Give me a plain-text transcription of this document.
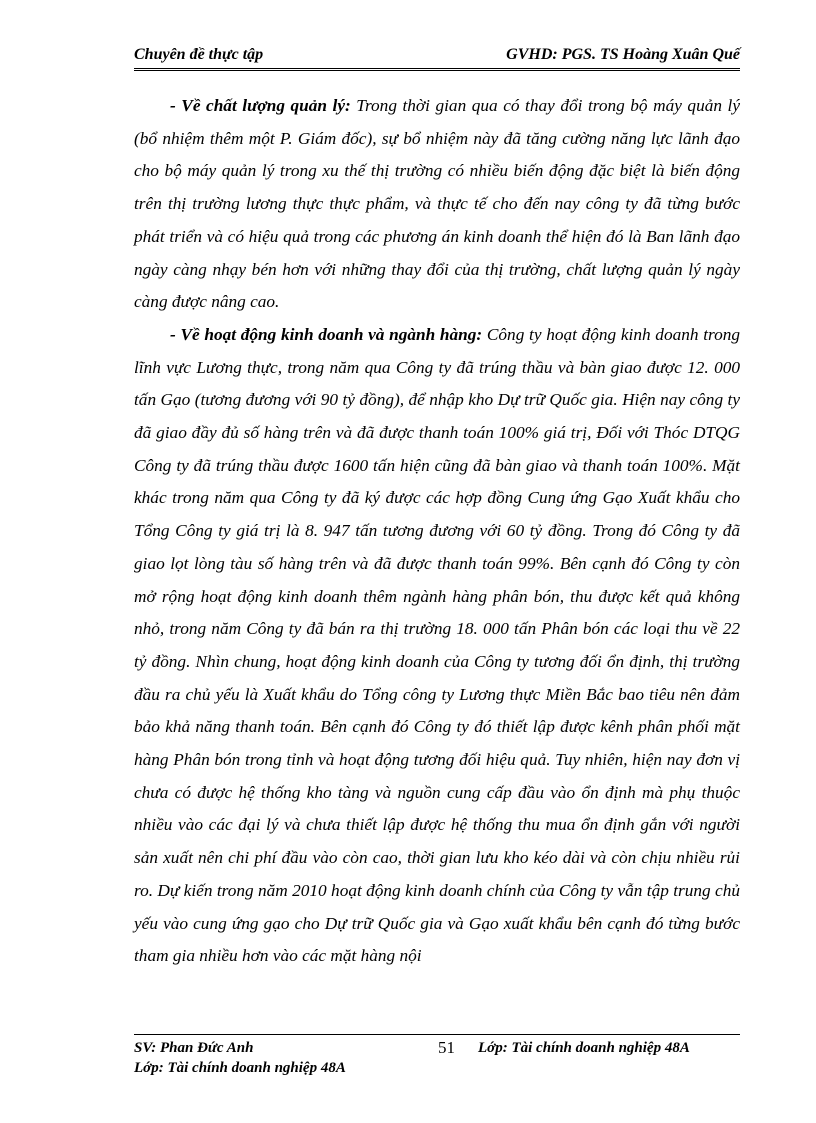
Chuyên đề thực tập	GVHD: PGS. TS Hoàng Xuân Quế

- Về chất lượng quản lý: Trong thời gian qua có thay đổi trong bộ máy quản lý (bổ nhiệm thêm một P. Giám đốc), sự bổ nhiệm này đã tăng cường năng lực lãnh đạo cho bộ máy quản lý trong xu thế thị trường có nhiều biến động đặc biệt là biến động trên thị trường lương thực thực phẩm, và thực tế cho đến nay công ty đã từng bước phát triển và có hiệu quả trong các phương án kinh doanh thể hiện đó là Ban lãnh đạo ngày càng nhạy bén hơn với những thay đổi của thị trường, chất lượng quản lý ngày càng được nâng cao.

- Về hoạt động kinh doanh và ngành hàng: Công ty hoạt động kinh doanh trong lĩnh vực Lương thực, trong năm qua Công ty đã trúng thầu và bàn giao được 12. 000 tấn Gạo (tương đương với 90 tỷ đồng), để nhập kho Dự trữ Quốc gia. Hiện nay công ty đã giao đầy đủ số hàng trên và đã được thanh toán 100% giá trị, Đối với Thóc DTQG Công ty đã trúng thầu được 1600 tấn hiện cũng đã bàn giao và thanh toán 100%. Mặt khác trong năm qua Công ty đã ký được các hợp đồng Cung ứng Gạo Xuất khẩu cho Tổng Công ty giá trị là 8. 947 tấn tương đương với 60 tỷ đồng. Trong đó Công ty đã giao lọt lòng tàu số hàng trên và đã được thanh toán 99%. Bên cạnh đó Công ty còn mở rộng hoạt động kinh doanh thêm ngành hàng phân bón, thu được kết quả không nhỏ, trong năm Công ty đã bán ra thị trường 18. 000 tấn Phân bón các loại thu về 22 tỷ đồng. Nhìn chung, hoạt động kinh doanh của Công ty tương đối ổn định, thị trường đầu ra chủ yếu là Xuất khẩu do Tổng công ty Lương thực Miền Bắc bao tiêu nên đảm bảo khả năng thanh toán. Bên cạnh đó Công ty đó thiết lập được kênh phân phối mặt hàng Phân bón trong tỉnh và hoạt động tương đối hiệu quả. Tuy nhiên, hiện nay đơn vị chưa có được hệ thống kho tàng và nguồn cung cấp đầu vào ổn định mà phụ thuộc nhiều vào các đại lý và chưa thiết lập được hệ thống thu mua ổn định gắn với người sản xuất nên chi phí đầu vào còn cao, thời gian lưu kho kéo dài và còn chịu nhiều rủi ro. Dự kiến trong năm 2010 hoạt động kinh doanh chính của Công ty vẫn tập trung chủ yếu vào cung ứng gạo cho Dự trữ Quốc gia và Gạo xuất khẩu bên cạnh đó từng bước tham gia nhiều hơn vào các mặt hàng nội

SV: Phan Đức Anh
Lớp: Tài chính doanh nghiệp 48A
51 Lớp: Tài chính doanh nghiệp 48A
